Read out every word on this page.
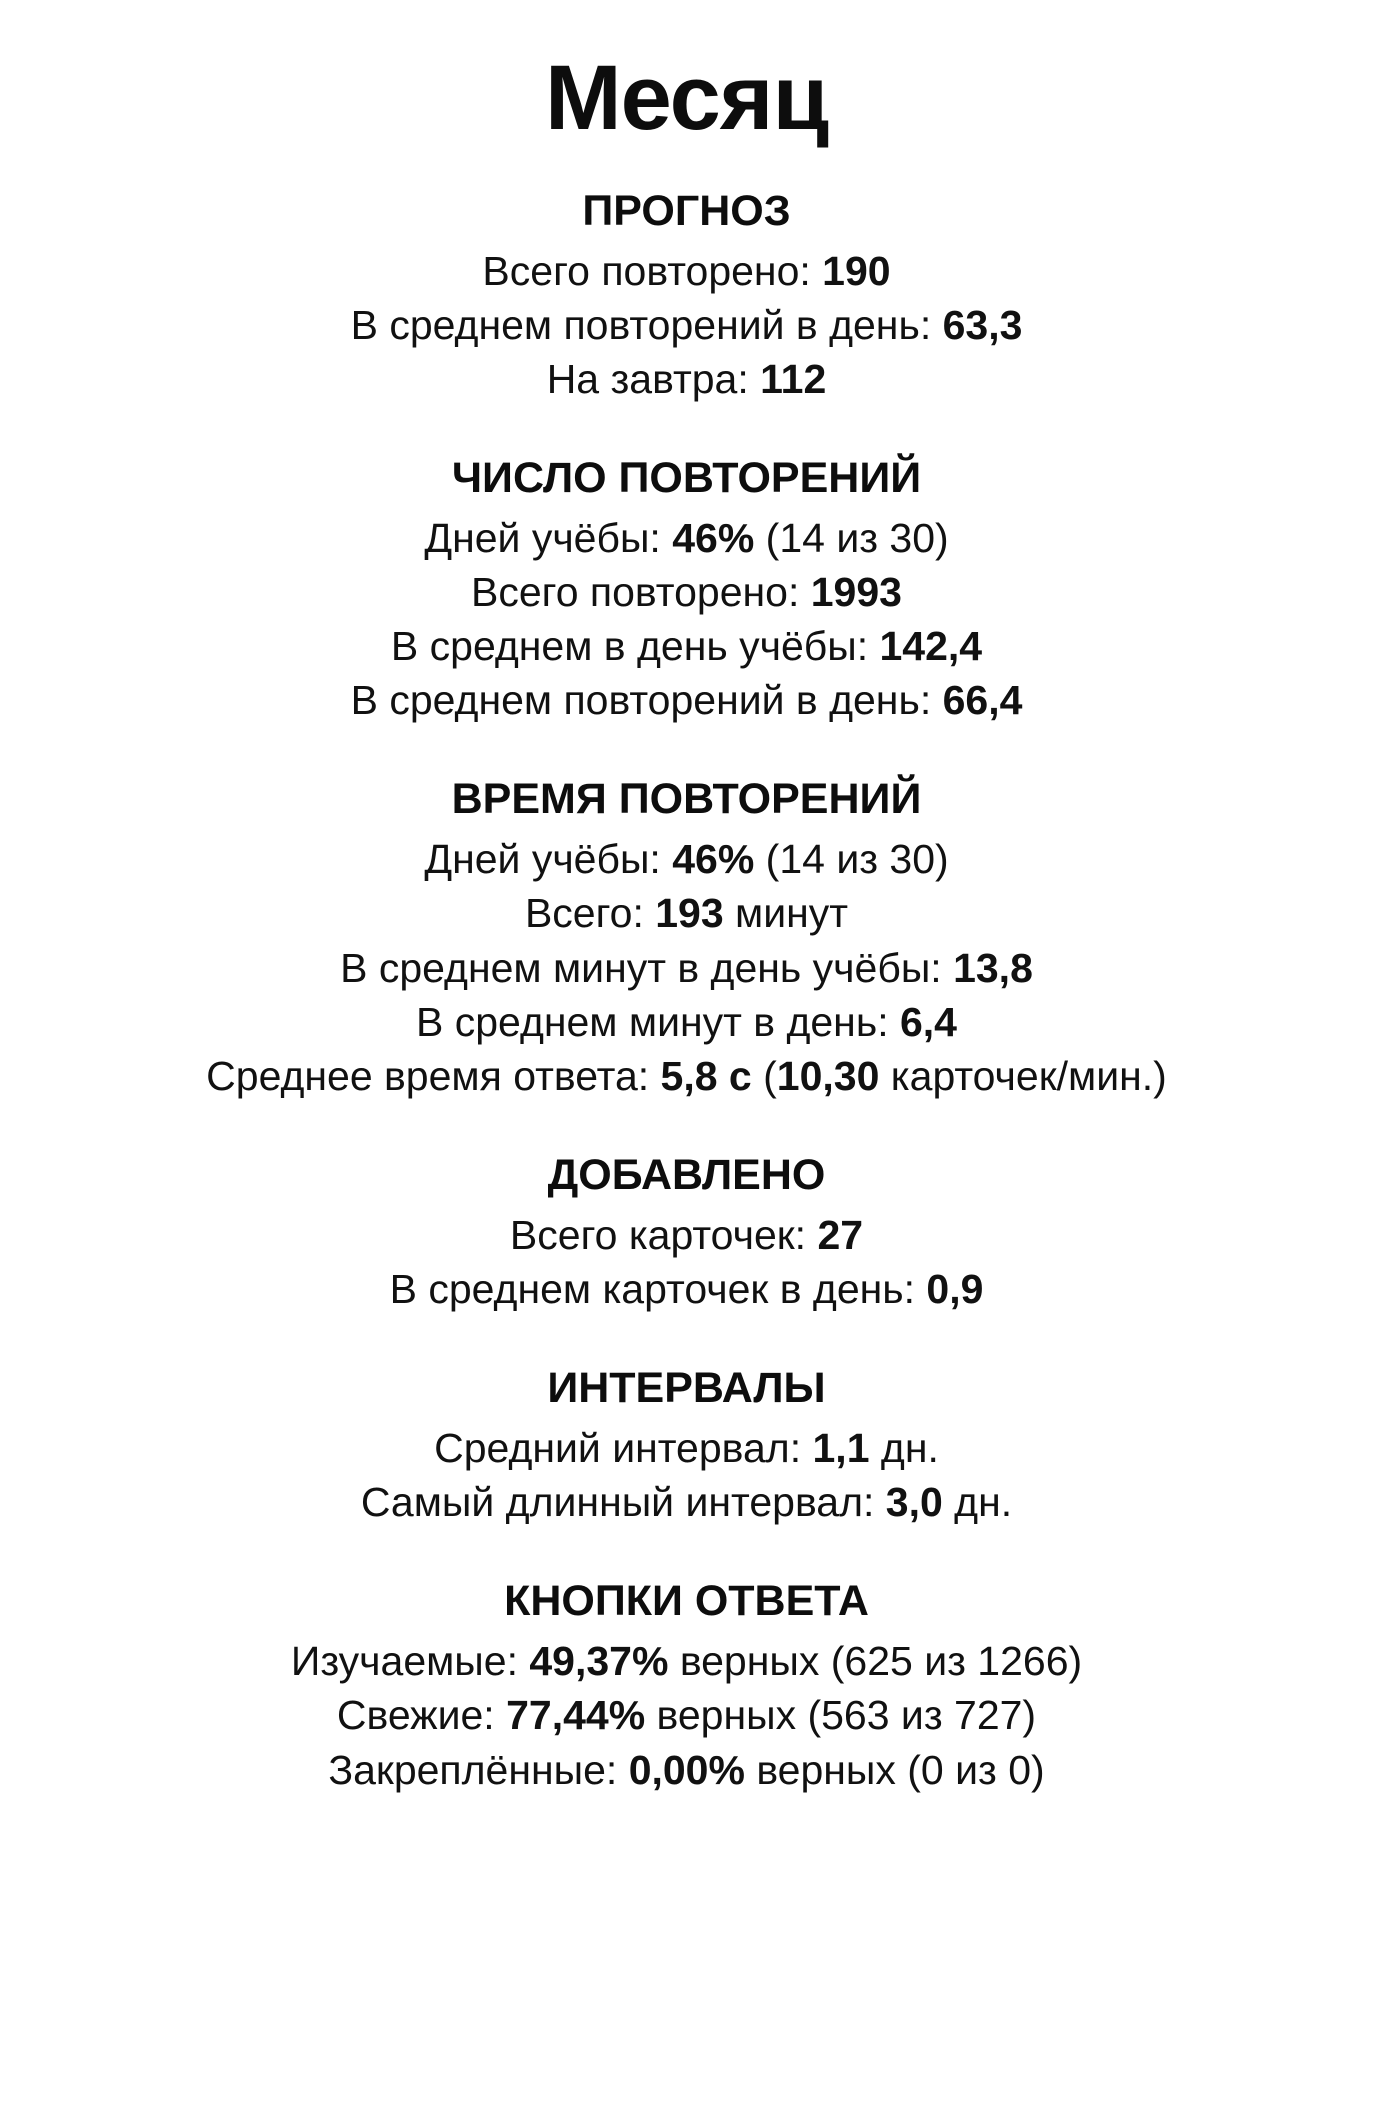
Месяц
ПРОГНОЗ
Всего повторено: 190
В среднем повторений в день: 63,3
На завтра: 112
ЧИСЛО ПОВТОРЕНИЙ
Дней учёбы: 46% (14 из 30)
Всего повторено: 1993
В среднем в день учёбы: 142,4
В среднем повторений в день: 66,4
ВРЕМЯ ПОВТОРЕНИЙ
Дней учёбы: 46% (14 из 30)
Всего: 193 минут
В среднем минут в день учёбы: 13,8
В среднем минут в день: 6,4
Среднее время ответа: 5,8 с (10,30 карточек/мин.)
ДОБАВЛЕНО
Всего карточек: 27
В среднем карточек в день: 0,9
ИНТЕРВАЛЫ
Средний интервал: 1,1 дн.
Самый длинный интервал: 3,0 дн.
КНОПКИ ОТВЕТА
Изучаемые: 49,37% верных (625 из 1266)
Свежие: 77,44% верных (563 из 727)
Закреплённые: 0,00% верных (0 из 0)
